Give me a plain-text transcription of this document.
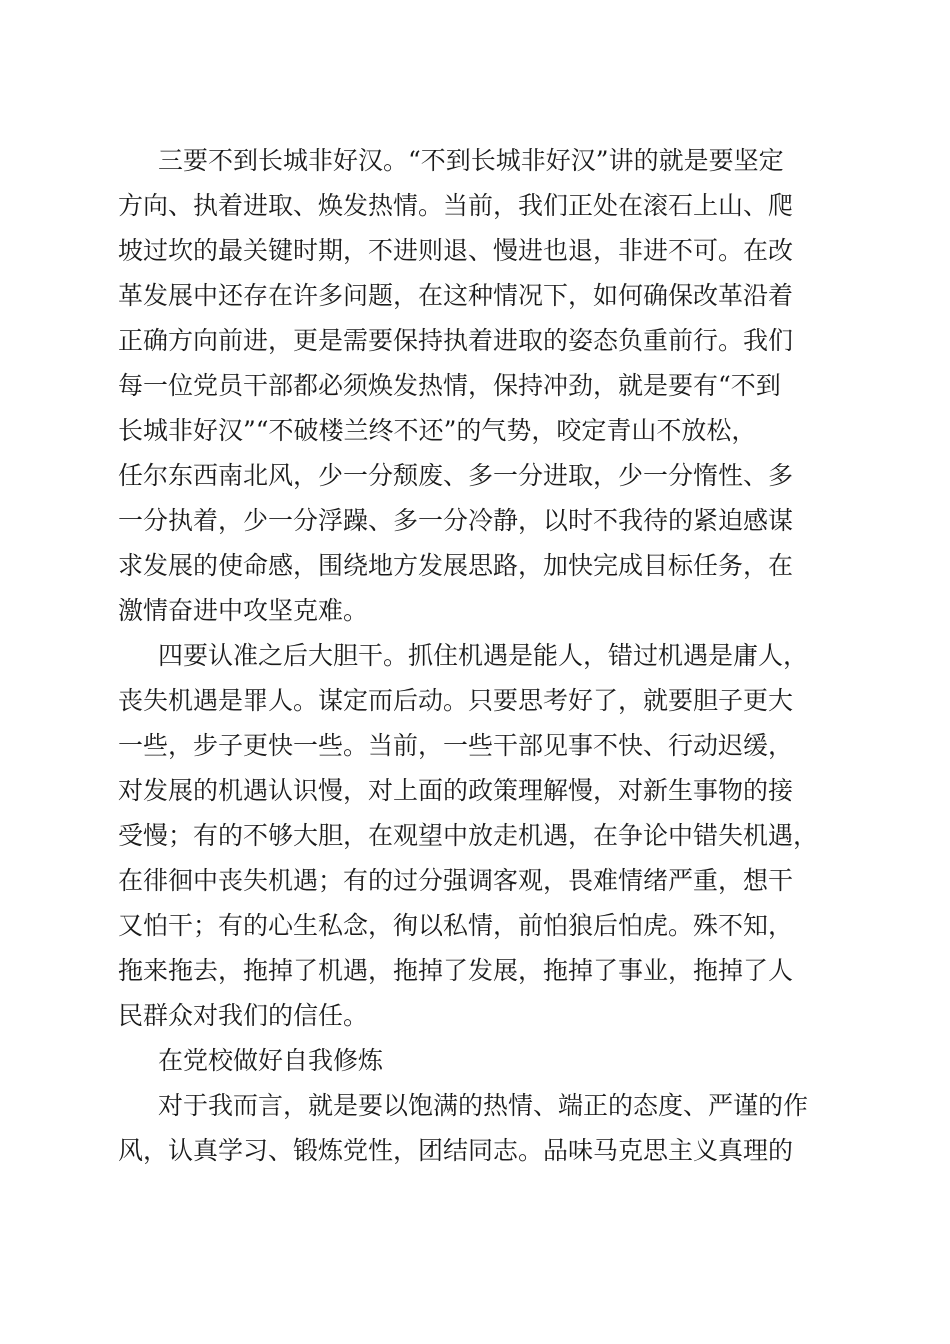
三要不到长城非好汉。“不到长城非好汉”讲的就是要坚定
方向、执着进取、焕发热情。当前，我们正处在滚石上山、爬
坡过坎的最关键时期，不进则退、慢进也退，非进不可。在改
革发展中还存在许多问题，在这种情况下，如何确保改革沿着
正确方向前进，更是需要保持执着进取的姿态负重前行。我们
每一位党员干部都必须焕发热情，保持冲劲，就是要有“不到
长城非好汉”“不破楼兰终不还”的气势，咬定青山不放松，
任尔东西南北风，少一分颓废、多一分进取，少一分惰性、多
一分执着，少一分浮躁、多一分冷静，以时不我待的紧迫感谋
求发展的使命感，围绕地方发展思路，加快完成目标任务，在
激情奋进中攻坚克难。
四要认准之后大胆干。抓住机遇是能人，错过机遇是庸人，
丧失机遇是罪人。谋定而后动。只要思考好了，就要胆子更大
一些，步子更快一些。当前，一些干部见事不快、行动迟缓，
对发展的机遇认识慢，对上面的政策理解慢，对新生事物的接
受慢；有的不够大胆，在观望中放走机遇，在争论中错失机遇，
在徘徊中丧失机遇；有的过分强调客观，畏难情绪严重，想干
又怕干；有的心生私念，徇以私情，前怕狼后怕虎。殊不知，
拖来拖去，拖掉了机遇，拖掉了发展，拖掉了事业，拖掉了人
民群众对我们的信任。
在党校做好自我修炼
对于我而言，就是要以饱满的热情、端正的态度、严谨的作
风，认真学习、锻炼党性，团结同志。品味马克思主义真理的
